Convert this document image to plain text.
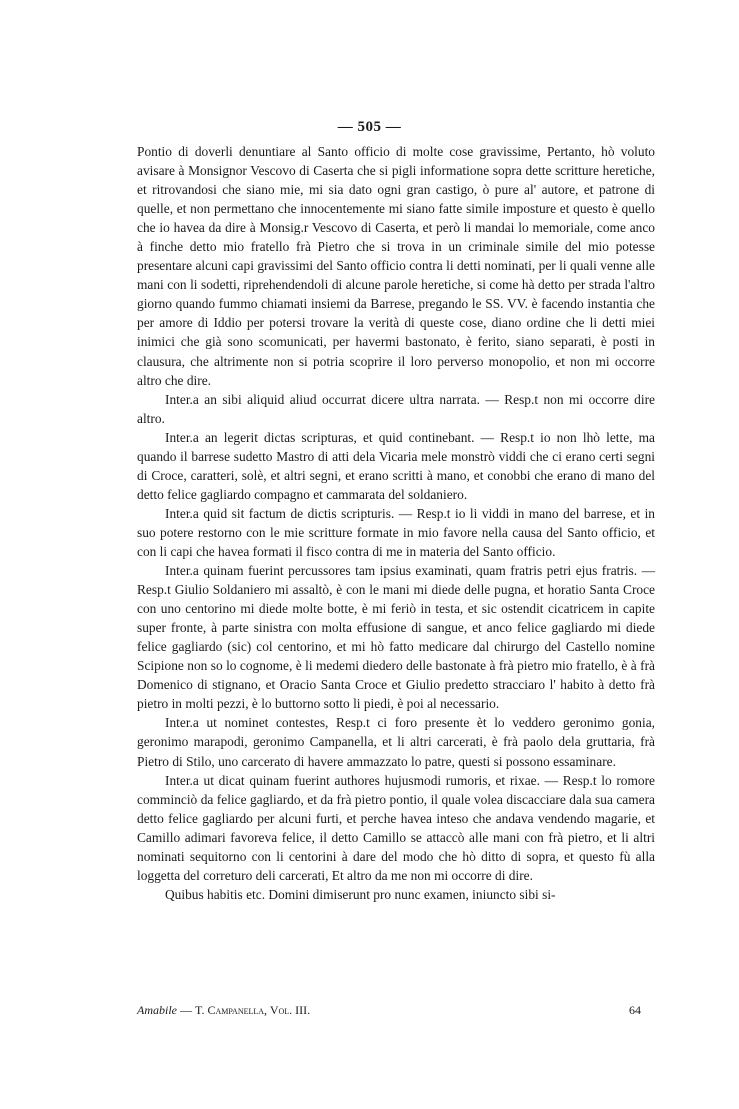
— 505 —

Pontio di doverli denuntiare al Santo officio di molte cose gravissime, Pertanto, hò voluto avisare à Monsignor Vescovo di Caserta che si pigli informatione sopra dette scritture heretiche, et ritrovandosi che siano mie, mi sia dato ogni gran castigo, ò pure al' autore, et patrone di quelle, et non permettano che innocentemente mi siano fatte simile imposture et questo è quello che io havea da dire à Monsig.r Vescovo di Caserta, et però li mandai lo memoriale, come anco à finche detto mio fratello frà Pietro che si trova in un criminale simile del mio potesse presentare alcuni capi gravissimi del Santo officio contra li detti nominati, per li quali venne alle mani con li sodetti, riprehendendoli di alcune parole heretiche, si come hà detto per strada l'altro giorno quando fummo chiamati insiemi da Barrese, pregando le SS. VV. è facendo instantia che per amore di Iddio per potersi trovare la verità di queste cose, diano ordine che li detti miei inimici che già sono scomunicati, per havermi bastonato, è ferito, siano separati, è posti in clausura, che altrimente non si potria scoprire il loro perverso monopolio, et non mi occorre altro che dire.

Inter.a an sibi aliquid aliud occurrat dicere ultra narrata. — Resp.t non mi occorre dire altro.

Inter.a an legerit dictas scripturas, et quid continebant. — Resp.t io non lhò lette, ma quando il barrese sudetto Mastro di atti dela Vicaria mele monstrò viddi che ci erano certi segni di Croce, caratteri, solè, et altri segni, et erano scritti à mano, et conobbi che erano di mano del detto felice gagliardo compagno et cammarata del soldaniero.

Inter.a quid sit factum de dictis scripturis. — Resp.t io li viddi in mano del barrese, et in suo potere restorno con le mie scritture formate in mio favore nella causa del Santo officio, et con li capi che havea formati il fisco contra di me in materia del Santo officio.

Inter.a quinam fuerint percussores tam ipsius examinati, quam fratris petri ejus fratris. — Resp.t Giulio Soldaniero mi assaltò, è con le mani mi diede delle pugna, et horatio Santa Croce con uno centorino mi diede molte botte, è mi feriò in testa, et sic ostendit cicatricem in capite super fronte, à parte sinistra con molta effusione di sangue, et anco felice gagliardo mi diede felice gagliardo (sic) col centorino, et mi hò fatto medicare dal chirurgo del Castello nomine Scipione non so lo cognome, è li medemi diedero delle bastonate à frà pietro mio fratello, è à frà Domenico di stignano, et Oracio Santa Croce et Giulio predetto stracciaro l' habito à detto frà pietro in molti pezzi, è lo buttorno sotto li piedi, è poi al necessario.

Inter.a ut nominet contestes, Resp.t ci foro presente èt lo veddero geronimo gonia, geronimo marapodi, geronimo Campanella, et li altri carcerati, è frà paolo dela gruttaria, frà Pietro di Stilo, uno carcerato di havere ammazzato lo patre, questi si possono essaminare.

Inter.a ut dicat quinam fuerint authores hujusmodi rumoris, et rixae. — Resp.t lo romore comminciò da felice gagliardo, et da frà pietro pontio, il quale volea discacciare dala sua camera detto felice gagliardo per alcuni furti, et perche havea inteso che andava vendendo magarie, et Camillo adimari favoreva felice, il detto Camillo se attaccò alle mani con frà pietro, et li altri nominati sequitorno con li centorini à dare del modo che hò ditto di sopra, et questo fù alla loggetta del correturo deli carcerati, Et altro da me non mi occorre di dire.

Quibus habitis etc. Domini dimiserunt pro nunc examen, iniuncto sibi si-

Amabile — T. Campanella, Vol. III.	64
